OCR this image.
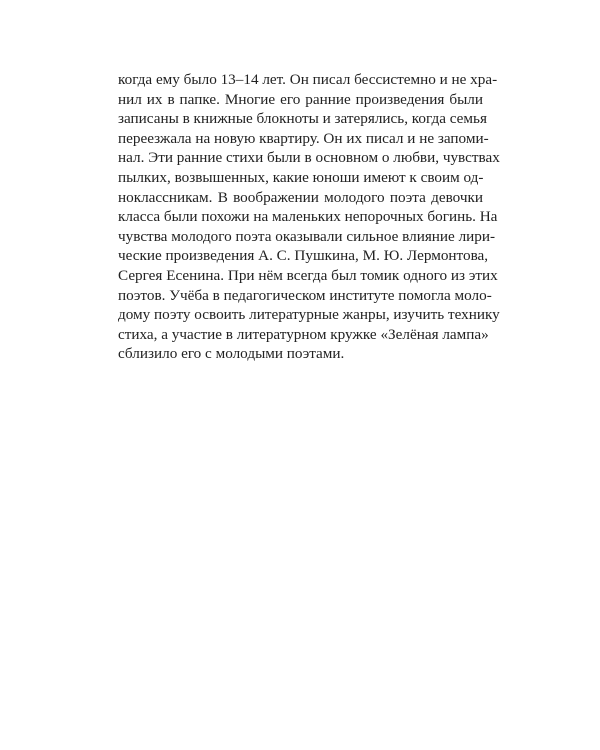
когда ему было 13–14 лет. Он писал бессистемно и не хра-
нил их в папке. Многие его ранние произведения были
записаны в книжные блокноты и затерялись, когда семья
переезжала на новую квартиру. Он их писал и не запоми-
нал. Эти ранние стихи были в основном о любви, чувствах
пылких, возвышенных, какие юноши имеют к своим од-
ноклассникам. В воображении молодого поэта девочки
класса были похожи на маленьких непорочных богинь. На
чувства молодого поэта оказывали сильное влияние лири-
ческие произведения А. С. Пушкина, М. Ю. Лермонтова,
Сергея Есенина. При нём всегда был томик одного из этих
поэтов. Учёба в педагогическом институте помогла моло-
дому поэту освоить литературные жанры, изучить технику
стиха, а участие в литературном кружке «Зелёная лампа»
сблизило его с молодыми поэтами.
